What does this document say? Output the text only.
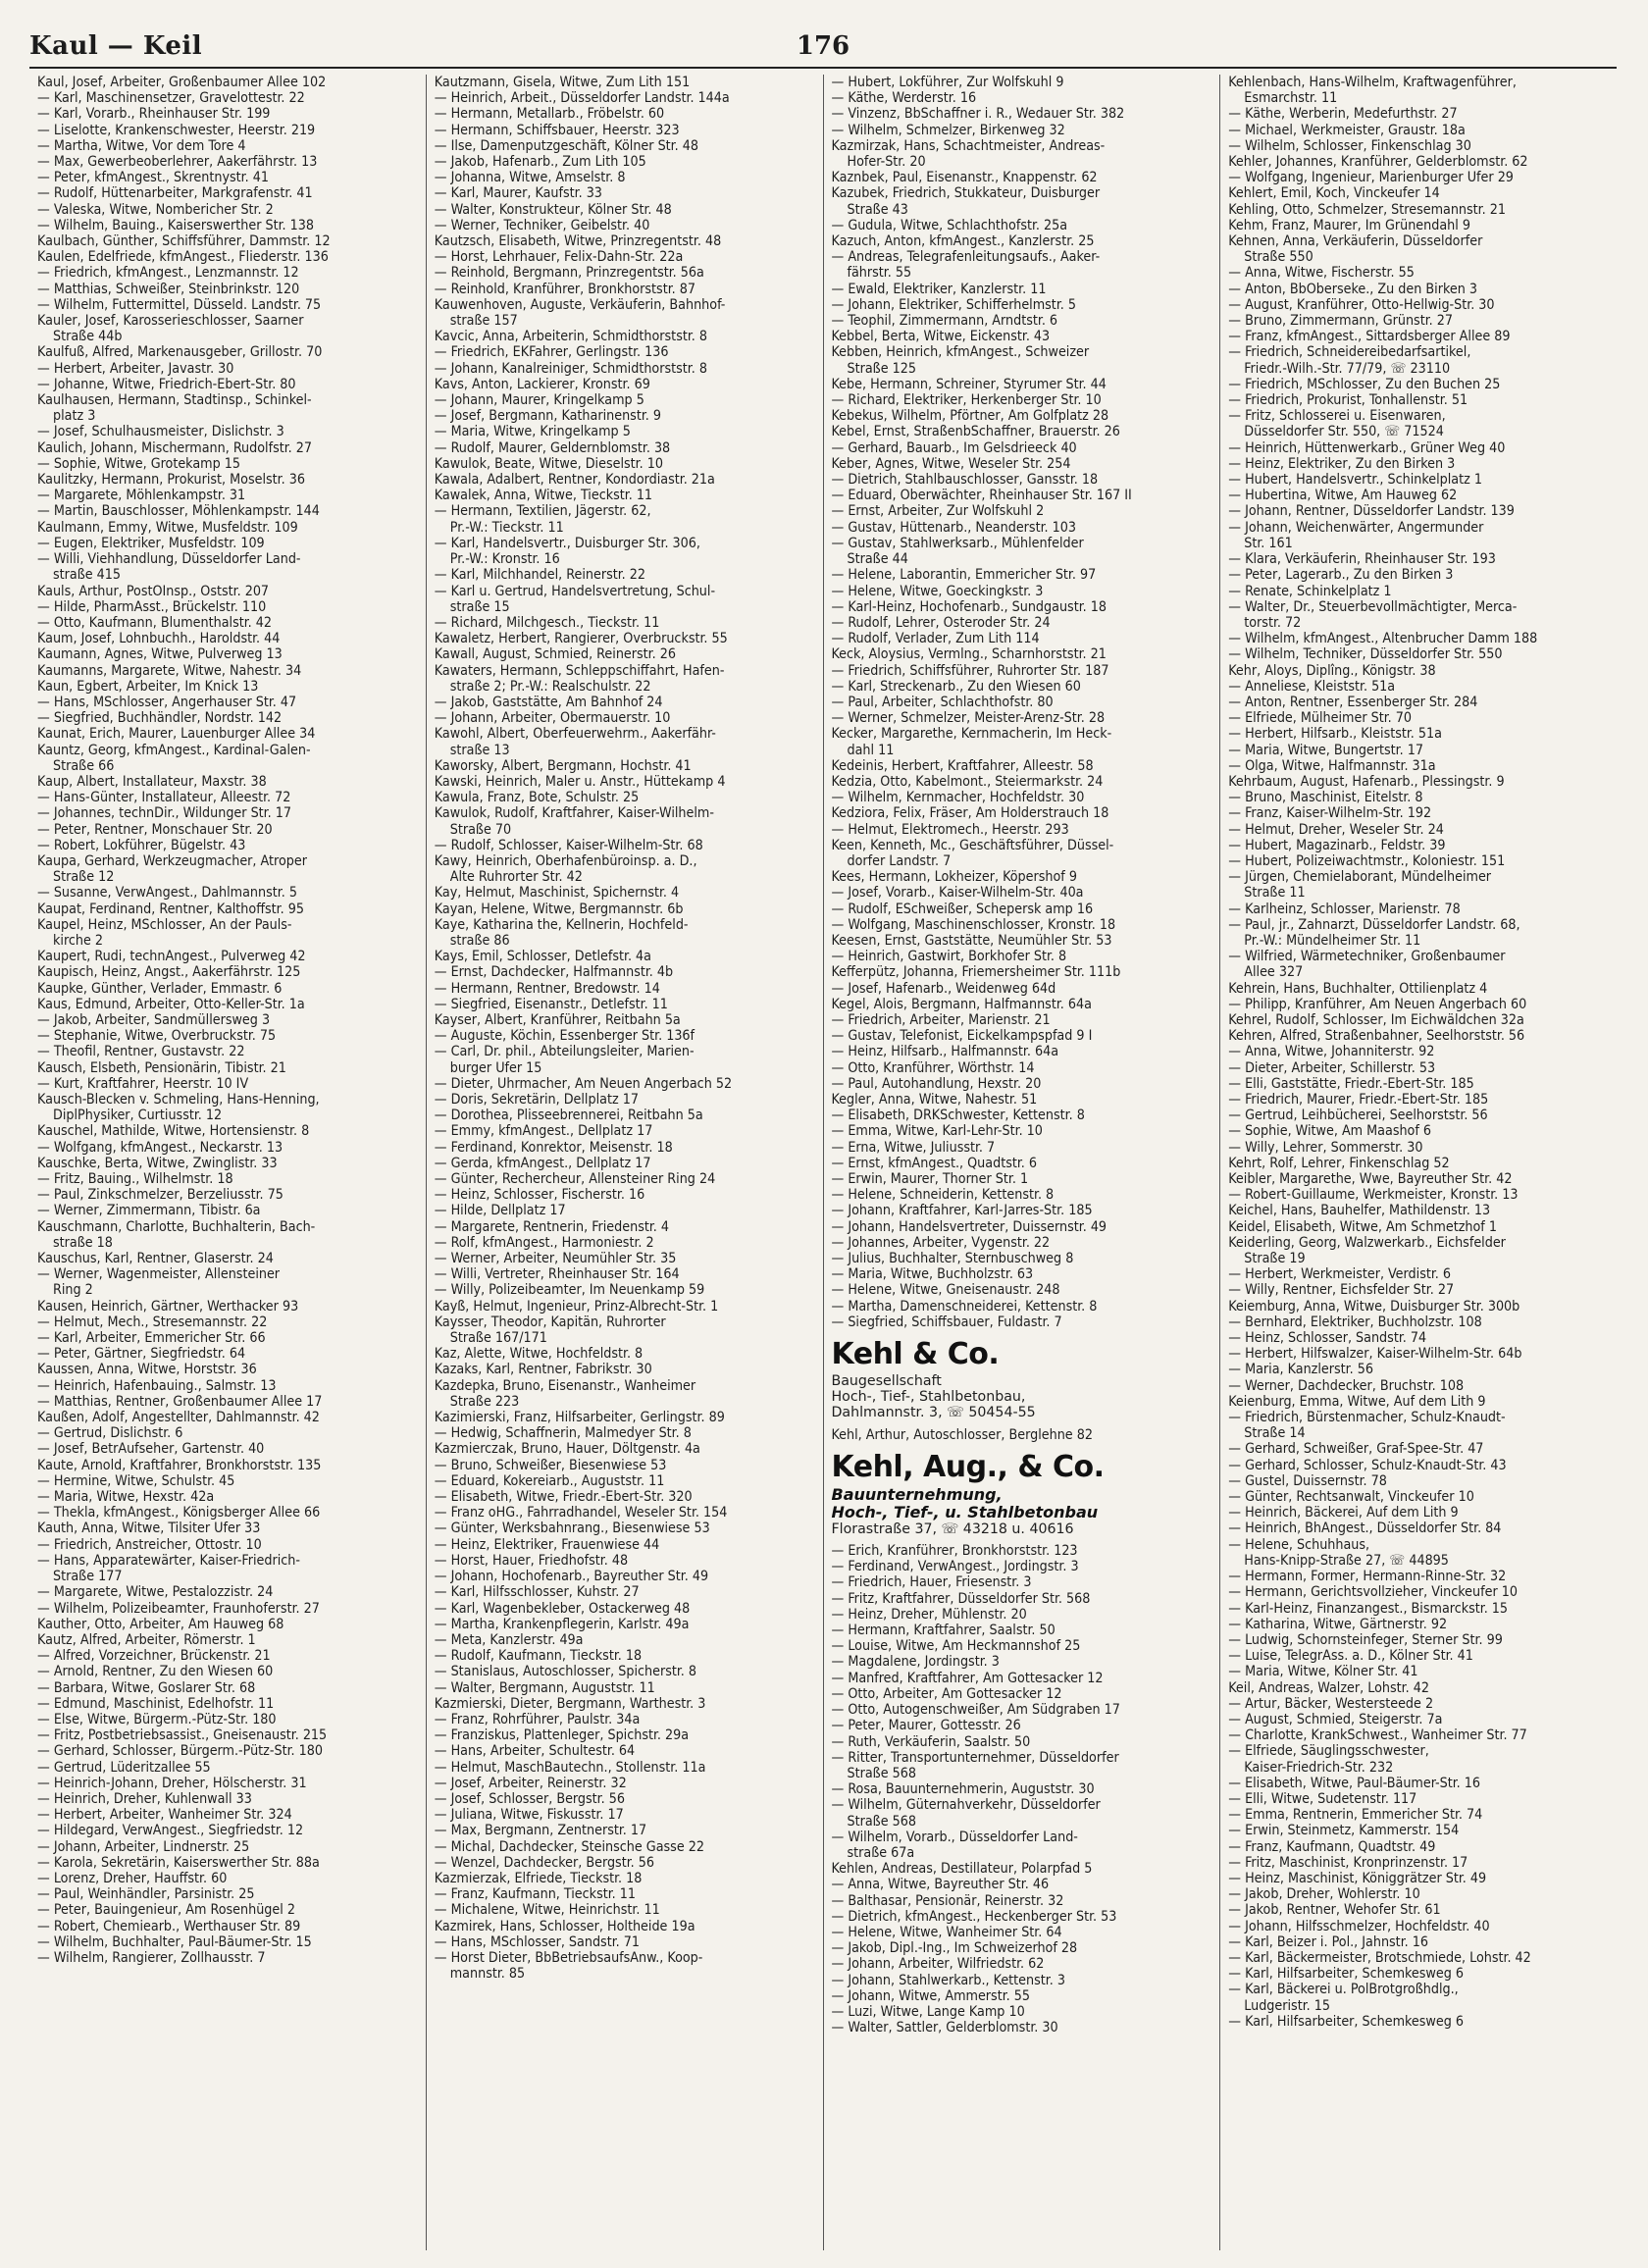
Kaul — Keil	176
Kaul, Josef, Arbeiter, Großenbaumer Allee 102
— Karl, Maschinensetzer, Gravelottestr. 22
— Karl, Vorarb., Rheinhauser Str. 199
— Liselotte, Krankenschwester, Heerstr. 219
— Martha, Witwe, Vor dem Tore 4
— Max, Gewerbeoberlehrer, Aakerfährstr. 13
— Peter, kfmAngest., Skrentnystr. 41
— Rudolf, Hüttenarbeiter, Markgrafenstr. 41
— Valeska, Witwe, Nombericher Str. 2
— Wilhelm, Bauing., Kaiserswerther Str. 138
Kaulbach, Günther, Schiffsführer, Dammstr. 12
Kaulen, Edelfriede, kfmAngest., Fliederstr. 136
— Friedrich, kfmAngest., Lenzmannstr. 12
— Matthias, Schweißer, Steinbrinkstr. 120
— Wilhelm, Futtermittel, Düsseld. Landstr. 75
Kauler, Josef, Karosserieschlosser, Saarner
Straße 44b
Kaulfuß, Alfred, Markenausgeber, Grillostr. 70
— Herbert, Arbeiter, Javastr. 30
— Johanne, Witwe, Friedrich-Ebert-Str. 80
Kaulhausen, Hermann, Stadtinsp., Schinkel-
platz 3
— Josef, Schulhausmeister, Dislichstr. 3
Kaulich, Johann, Mischermann, Rudolfstr. 27
— Sophie, Witwe, Grotekamp 15
Kaulitzky, Hermann, Prokurist, Moselstr. 36
— Margarete, Möhlenkampstr. 31
— Martin, Bauschlosser, Möhlenkampstr. 144
Kaulmann, Emmy, Witwe, Musfeldstr. 109
— Eugen, Elektriker, Musfeldstr. 109
— Willi, Viehhandlung, Düsseldorfer Land-
straße 415
Kauls, Arthur, PostOInsp., Oststr. 207
— Hilde, PharmAsst., Brückelstr. 110
— Otto, Kaufmann, Blumenthalstr. 42
Kaum, Josef, Lohnbuchh., Haroldstr. 44
Kaumann, Agnes, Witwe, Pulverweg 13
Kaumanns, Margarete, Witwe, Nahestr. 34
Kaun, Egbert, Arbeiter, Im Knick 13
— Hans, MSchlosser, Angerhauser Str. 47
— Siegfried, Buchhändler, Nordstr. 142
Kaunat, Erich, Maurer, Lauenburger Allee 34
Kauntz, Georg, kfmAngest., Kardinal-Galen-
Straße 66
Kaup, Albert, Installateur, Maxstr. 38
— Hans-Günter, Installateur, Alleestr. 72
— Johannes, technDir., Wildunger Str. 17
— Peter, Rentner, Monschauer Str. 20
— Robert, Lokführer, Bügelstr. 43
Kaupa, Gerhard, Werkzeugmacher, Atroper
Straße 12
— Susanne, VerwAngest., Dahlmannstr. 5
Kaupat, Ferdinand, Rentner, Kalthoffstr. 95
Kaupel, Heinz, MSchlosser, An der Pauls-
kirche 2
Kaupert, Rudi, technAngest., Pulverweg 42
Kaupisch, Heinz, Angst., Aakerfährstr. 125
Kaupke, Günther, Verlader, Emmastr. 6
Kaus, Edmund, Arbeiter, Otto-Keller-Str. 1a
— Jakob, Arbeiter, Sandmüllersweg 3
— Stephanie, Witwe, Overbruckstr. 75
— Theofil, Rentner, Gustavstr. 22
Kausch, Elsbeth, Pensionärin, Tibistr. 21
— Kurt, Kraftfahrer, Heerstr. 10 IV
Kausch-Blecken v. Schmeling, Hans-Henning,
DiplPhysiker, Curtiusstr. 12
Kauschel, Mathilde, Witwe, Hortensienstr. 8
— Wolfgang, kfmAngest., Neckarstr. 13
Kauschke, Berta, Witwe, Zwinglistr. 33
— Fritz, Bauing., Wilhelmstr. 18
— Paul, Zinkschmelzer, Berzeliusstr. 75
— Werner, Zimmermann, Tibistr. 6a
Kauschmann, Charlotte, Buchhalterin, Bach-
straße 18
Kauschus, Karl, Rentner, Glaserstr. 24
— Werner, Wagenmeister, Allensteiner
Ring 2
Kausen, Heinrich, Gärtner, Werthacker 93
— Helmut, Mech., Stresemannstr. 22
— Karl, Arbeiter, Emmericher Str. 66
— Peter, Gärtner, Siegfriedstr. 64
Kaussen, Anna, Witwe, Horststr. 36
— Heinrich, Hafenbauing., Salmstr. 13
— Matthias, Rentner, Großenbaumer Allee 17
Kaußen, Adolf, Angestellter, Dahlmannstr. 42
— Gertrud, Dislichstr. 6
— Josef, BetrAufseher, Gartenstr. 40
Kaute, Arnold, Kraftfahrer, Bronkhorststr. 135
— Hermine, Witwe, Schulstr. 45
— Maria, Witwe, Hexstr. 42a
— Thekla, kfmAngest., Königsberger Allee 66
Kauth, Anna, Witwe, Tilsiter Ufer 33
— Friedrich, Anstreicher, Ottostr. 10
— Hans, Apparatewärter, Kaiser-Friedrich-
Straße 177
— Margarete, Witwe, Pestalozzistr. 24
— Wilhelm, Polizeibeamter, Fraunhoferstr. 27
Kauther, Otto, Arbeiter, Am Hauweg 68
Kautz, Alfred, Arbeiter, Römerstr. 1
— Alfred, Vorzeichner, Brückenstr. 21
— Arnold, Rentner, Zu den Wiesen 60
— Barbara, Witwe, Goslarer Str. 68
— Edmund, Maschinist, Edelhofstr. 11
— Else, Witwe, Bürgerm.-Pütz-Str. 180
— Fritz, Postbetriebsassist., Gneisenaustr. 215
— Gerhard, Schlosser, Bürgerm.-Pütz-Str. 180
— Gertrud, Lüderitzallee 55
— Heinrich-Johann, Dreher, Hölscherstr. 31
— Heinrich, Dreher, Kuhlenwall 33
— Herbert, Arbeiter, Wanheimer Str. 324
— Hildegard, VerwAngest., Siegfriedstr. 12
— Johann, Arbeiter, Lindnerstr. 25
— Karola, Sekretärin, Kaiserswerther Str. 88a
— Lorenz, Dreher, Hauffstr. 60
— Paul, Weinhändler, Parsinistr. 25
— Peter, Bauingenieur, Am Rosenhügel 2
— Robert, Chemiearb., Werthauser Str. 89
— Wilhelm, Buchhalter, Paul-Bäumer-Str. 15
— Wilhelm, Rangierer, Zollhausstr. 7
Kautzmann, Gisela, Witwe, Zum Lith 151
— Heinrich, Arbeit., Düsseldorfer Landstr. 144a
— Hermann, Metallarb., Fröbelstr. 60
— Hermann, Schiffsbauer, Heerstr. 323
— Ilse, Damenputzgeschäft, Kölner Str. 48
— Jakob, Hafenarb., Zum Lith 105
— Johanna, Witwe, Amselstr. 8
— Karl, Maurer, Kaufstr. 33
— Walter, Konstrukteur, Kölner Str. 48
— Werner, Techniker, Geibelstr. 40
Kautzsch, Elisabeth, Witwe, Prinzregentstr. 48
— Horst, Lehrhauer, Felix-Dahn-Str. 22a
— Reinhold, Bergmann, Prinzregentstr. 56a
— Reinhold, Kranführer, Bronkhorststr. 87
Kauwenhoven, Auguste, Verkäuferin, Bahnhof-
straße 157
Kavcic, Anna, Arbeiterin, Schmidthorststr. 8
— Friedrich, EKFahrer, Gerlingstr. 136
— Johann, Kanalreiniger, Schmidthorststr. 8
Kavs, Anton, Lackierer, Kronstr. 69
— Johann, Maurer, Kringelkamp 5
— Josef, Bergmann, Katharinenstr. 9
— Maria, Witwe, Kringelkamp 5
— Rudolf, Maurer, Geldernblomstr. 38
Kawulok, Beate, Witwe, Dieselstr. 10
Kawala, Adalbert, Rentner, Kondordiastr. 21a
Kawalek, Anna, Witwe, Tieckstr. 11
— Hermann, Textilien, Jägerstr. 62,
Pr.-W.: Tieckstr. 11
— Karl, Handelsvertr., Duisburger Str. 306,
Pr.-W.: Kronstr. 16
— Karl, Milchhandel, Reinerstr. 22
— Karl u. Gertrud, Handelsvertretung, Schul-
straße 15
— Richard, Milchgesch., Tieckstr. 11
Kawaletz, Herbert, Rangierer, Overbruckstr. 55
Kawall, August, Schmied, Reinerstr. 26
Kawaters, Hermann, Schleppschiffahrt, Hafen-
straße 2; Pr.-W.: Realschulstr. 22
— Jakob, Gaststätte, Am Bahnhof 24
— Johann, Arbeiter, Obermauerstr. 10
Kawohl, Albert, Oberfeuerwehrm., Aakerfähr-
straße 13
Kaworsky, Albert, Bergmann, Hochstr. 41
Kawski, Heinrich, Maler u. Anstr., Hüttekamp 4
Kawula, Franz, Bote, Schulstr. 25
Kawulok, Rudolf, Kraftfahrer, Kaiser-Wilhelm-
Straße 70
— Rudolf, Schlosser, Kaiser-Wilhelm-Str. 68
Kawy, Heinrich, Oberhafenbüroinsp. a. D.,
Alte Ruhrorter Str. 42
Kay, Helmut, Maschinist, Spichernstr. 4
Kayan, Helene, Witwe, Bergmannstr. 6b
Kaye, Katharina the, Kellnerin, Hochfeld-
straße 86
Kays, Emil, Schlosser, Detlefstr. 4a
— Ernst, Dachdecker, Halfmannstr. 4b
— Hermann, Rentner, Bredowstr. 14
— Siegfried, Eisenanstr., Detlefstr. 11
Kayser, Albert, Kranführer, Reitbahn 5a
— Auguste, Köchin, Essenberger Str. 136f
— Carl, Dr. phil., Abteilungsleiter, Marien-
burger Ufer 15
— Dieter, Uhrmacher, Am Neuen Angerbach 52
— Doris, Sekretärin, Dellplatz 17
— Dorothea, Plisseebrennerei, Reitbahn 5a
— Emmy, kfmAngest., Dellplatz 17
— Ferdinand, Konrektor, Meisenstr. 18
— Gerda, kfmAngest., Dellplatz 17
— Günter, Rechercheur, Allensteiner Ring 24
— Heinz, Schlosser, Fischerstr. 16
— Hilde, Dellplatz 17
— Margarete, Rentnerin, Friedenstr. 4
— Rolf, kfmAngest., Harmoniestr. 2
— Werner, Arbeiter, Neumühler Str. 35
— Willi, Vertreter, Rheinhauser Str. 164
— Willy, Polizeibeamter, Im Neuenkamp 59
Kayß, Helmut, Ingenieur, Prinz-Albrecht-Str. 1
Kaysser, Theodor, Kapitän, Ruhrorter
Straße 167/171
Kaz, Alette, Witwe, Hochfeldstr. 8
Kazaks, Karl, Rentner, Fabrikstr. 30
Kazdepka, Bruno, Eisenanstr., Wanheimer
Straße 223
Kazimierski, Franz, Hilfsarbeiter, Gerlingstr. 89
— Hedwig, Schaffnerin, Malmedyer Str. 8
Kazmierczak, Bruno, Hauer, Döltgenstr. 4a
— Bruno, Schweißer, Biesenwiese 53
— Eduard, Kokereiarb., Auguststr. 11
— Elisabeth, Witwe, Friedr.-Ebert-Str. 320
— Franz oHG., Fahrradhandel, Weseler Str. 154
— Günter, Werksbahnrang., Biesenwiese 53
— Heinz, Elektriker, Frauenwiese 44
— Horst, Hauer, Friedhofstr. 48
— Johann, Hochofenarb., Bayreuther Str. 49
— Karl, Hilfsschlosser, Kuhstr. 27
— Karl, Wagenbekleber, Ostackerweg 48
— Martha, Krankenpflegerin, Karlstr. 49a
— Meta, Kanzlerstr. 49a
— Rudolf, Kaufmann, Tieckstr. 18
— Stanislaus, Autoschlosser, Spicherstr. 8
— Walter, Bergmann, Auguststr. 11
Kazmierski, Dieter, Bergmann, Warthestr. 3
— Franz, Rohrführer, Paulstr. 34a
— Franziskus, Plattenleger, Spichstr. 29a
— Hans, Arbeiter, Schultestr. 64
— Helmut, MaschBautechn., Stollenstr. 11a
— Josef, Arbeiter, Reinerstr. 32
— Josef, Schlosser, Bergstr. 56
— Juliana, Witwe, Fiskusstr. 17
— Max, Bergmann, Zentnerstr. 17
— Michal, Dachdecker, Steinsche Gasse 22
— Wenzel, Dachdecker, Bergstr. 56
Kazmierzak, Elfriede, Tieckstr. 18
— Franz, Kaufmann, Tieckstr. 11
— Michalene, Witwe, Heinrichstr. 11
Kazmirek, Hans, Schlosser, Holtheide 19a
— Hans, MSchlosser, Sandstr. 71
— Horst Dieter, BbBetriebsaufsAnw., Koop-
mannstr. 85
— Hubert, Lokführer, Zur Wolfskuhl 9
— Käthe, Werderstr. 16
— Vinzenz, BbSchaffner i. R., Wedauer Str. 382
— Wilhelm, Schmelzer, Birkenweg 32
Kazmirzak, Hans, Schachtmeister, Andreas-
Hofer-Str. 20
Kaznbek, Paul, Eisenanstr., Knappenstr. 62
Kazubek, Friedrich, Stukkateur, Duisburger
Straße 43
— Gudula, Witwe, Schlachthofstr. 25a
Kazuch, Anton, kfmAngest., Kanzlerstr. 25
— Andreas, Telegrafenleitungsaufs., Aaker-
fährstr. 55
— Ewald, Elektriker, Kanzlerstr. 11
— Johann, Elektriker, Schifferhelmstr. 5
— Teophil, Zimmermann, Arndtstr. 6
Kebbel, Berta, Witwe, Eickenstr. 43
Kebben, Heinrich, kfmAngest., Schweizer
Straße 125
Kebe, Hermann, Schreiner, Styrumer Str. 44
— Richard, Elektriker, Herkenberger Str. 10
Kebekus, Wilhelm, Pförtner, Am Golfplatz 28
Kebel, Ernst, StraßenbSchaffner, Brauerstr. 26
— Gerhard, Bauarb., Im Gelsdrieeck 40
Keber, Agnes, Witwe, Weseler Str. 254
— Dietrich, Stahlbauschlosser, Gansstr. 18
— Eduard, Oberwächter, Rheinhauser Str. 167 II
— Ernst, Arbeiter, Zur Wolfskuhl 2
— Gustav, Hüttenarb., Neanderstr. 103
— Gustav, Stahlwerksarb., Mühlenfelder
Straße 44
— Helene, Laborantin, Emmericher Str. 97
— Helene, Witwe, Goeckingkstr. 3
— Karl-Heinz, Hochofenarb., Sundgaustr. 18
— Rudolf, Lehrer, Osteroder Str. 24
— Rudolf, Verlader, Zum Lith 114
Keck, Aloysius, Vermlng., Scharnhorststr. 21
— Friedrich, Schiffsführer, Ruhrorter Str. 187
— Karl, Streckenarb., Zu den Wiesen 60
— Paul, Arbeiter, Schlachthofstr. 80
— Werner, Schmelzer, Meister-Arenz-Str. 28
Kecker, Margarethe, Kernmacherin, Im Heck-
dahl 11
Kedeinis, Herbert, Kraftfahrer, Alleestr. 58
Kedzia, Otto, Kabelmont., Steiermarkstr. 24
— Wilhelm, Kernmacher, Hochfeldstr. 30
Kedziora, Felix, Fräser, Am Holderstrauch 18
— Helmut, Elektromech., Heerstr. 293
Keen, Kenneth, Mc., Geschäftsführer, Düssel-
dorfer Landstr. 7
Kees, Hermann, Lokheizer, Köpershof 9
— Josef, Vorarb., Kaiser-Wilhelm-Str. 40a
— Rudolf, ESchweißer, Schepersk amp 16
— Wolfgang, Maschinenschlosser, Kronstr. 18
Keesen, Ernst, Gaststätte, Neumühler Str. 53
— Heinrich, Gastwirt, Borkhofer Str. 8
Kefferpütz, Johanna, Friemersheimer Str. 111b
— Josef, Hafenarb., Weidenweg 64d
Kegel, Alois, Bergmann, Halfmannstr. 64a
— Friedrich, Arbeiter, Marienstr. 21
— Gustav, Telefonist, Eickelkampspfad 9 I
— Heinz, Hilfsarb., Halfmannstr. 64a
— Otto, Kranführer, Wörthstr. 14
— Paul, Autohandlung, Hexstr. 20
Kegler, Anna, Witwe, Nahestr. 51
— Elisabeth, DRKSchwester, Kettenstr. 8
— Emma, Witwe, Karl-Lehr-Str. 10
— Erna, Witwe, Juliusstr. 7
— Ernst, kfmAngest., Quadtstr. 6
— Erwin, Maurer, Thorner Str. 1
— Helene, Schneiderin, Kettenstr. 8
— Johann, Kraftfahrer, Karl-Jarres-Str. 185
— Johann, Handelsvertreter, Duissernstr. 49
— Johannes, Arbeiter, Vygenstr. 22
— Julius, Buchhalter, Sternbuschweg 8
— Maria, Witwe, Buchholzstr. 63
— Helene, Witwe, Gneisenaustr. 248
— Martha, Damenschneiderei, Kettenstr. 8
— Siegfried, Schiffsbauer, Fuldastr. 7
Kehl & Co.
Baugesellschaft
Hoch-, Tief-, Stahlbetonbau,
Dahlmannstr. 3, ☏ 50454-55
Kehl, Arthur, Autoschlosser, Berglehne 82
Kehl, Aug., & Co.
Bauunternehmung,
Hoch-, Tief-, u. Stahlbetonbau
Florastraße 37, ☏ 43218 u. 40616
— Erich, Kranführer, Bronkhorststr. 123
— Ferdinand, VerwAngest., Jordingstr. 3
— Friedrich, Hauer, Friesenstr. 3
— Fritz, Kraftfahrer, Düsseldorfer Str. 568
— Heinz, Dreher, Mühlenstr. 20
— Hermann, Kraftfahrer, Saalstr. 50
— Louise, Witwe, Am Heckmannshof 25
— Magdalene, Jordingstr. 3
— Manfred, Kraftfahrer, Am Gottesacker 12
— Otto, Arbeiter, Am Gottesacker 12
— Otto, Autogenschweißer, Am Südgraben 17
— Peter, Maurer, Gottesstr. 26
— Ruth, Verkäuferin, Saalstr. 50
— Ritter, Transportunternehmer, Düsseldorfer
Straße 568
— Rosa, Bauunternehmerin, Auguststr. 30
— Wilhelm, Güternahverkehr, Düsseldorfer
Straße 568
— Wilhelm, Vorarb., Düsseldorfer Land-
straße 67a
Kehlen, Andreas, Destillateur, Polarpfad 5
— Anna, Witwe, Bayreuther Str. 46
— Balthasar, Pensionär, Reinerstr. 32
— Dietrich, kfmAngest., Heckenberger Str. 53
— Helene, Witwe, Wanheimer Str. 64
— Jakob, Dipl.-Ing., Im Schweizerhof 28
— Johann, Arbeiter, Wilfriedstr. 62
— Johann, Stahlwerkarb., Kettenstr. 3
— Johann, Witwe, Ammerstr. 55
— Luzi, Witwe, Lange Kamp 10
— Walter, Sattler, Gelderblomstr. 30
Kehlenbach, Hans-Wilhelm, Kraftwagenführer,
Esmarchstr. 11
— Käthe, Werberin, Medefurthstr. 27
— Michael, Werkmeister, Graustr. 18a
— Wilhelm, Schlosser, Finkenschlag 30
Kehler, Johannes, Kranführer, Gelderblomstr. 62
— Wolfgang, Ingenieur, Marienburger Ufer 29
Kehlert, Emil, Koch, Vinckeufer 14
Kehling, Otto, Schmelzer, Stresemannstr. 21
Kehm, Franz, Maurer, Im Grünendahl 9
Kehnen, Anna, Verkäuferin, Düsseldorfer
Straße 550
— Anna, Witwe, Fischerstr. 55
— Anton, BbOberseke., Zu den Birken 3
— August, Kranführer, Otto-Hellwig-Str. 30
— Bruno, Zimmermann, Grünstr. 27
— Franz, kfmAngest., Sittardsberger Allee 89
— Friedrich, Schneidereibedarfsartikel,
Friedr.-Wilh.-Str. 77/79, ☏ 23110
— Friedrich, MSchlosser, Zu den Buchen 25
— Friedrich, Prokurist, Tonhallenstr. 51
— Fritz, Schlosserei u. Eisenwaren,
Düsseldorfer Str. 550, ☏ 71524
— Heinrich, Hüttenwerkarb., Grüner Weg 40
— Heinz, Elektriker, Zu den Birken 3
— Hubert, Handelsvertr., Schinkelplatz 1
— Hubertina, Witwe, Am Hauweg 62
— Johann, Rentner, Düsseldorfer Landstr. 139
— Johann, Weichenwärter, Angermunder
Str. 161
— Klara, Verkäuferin, Rheinhauser Str. 193
— Peter, Lagerarb., Zu den Birken 3
— Renate, Schinkelplatz 1
— Walter, Dr., Steuerbevollmächtigter, Merca-
torstr. 72
— Wilhelm, kfmAngest., Altenbrucher Damm 188
— Wilhelm, Techniker, Düsseldorfer Str. 550
Kehr, Aloys, Diplîng., Königstr. 38
— Anneliese, Kleiststr. 51a
— Anton, Rentner, Essenberger Str. 284
— Elfriede, Mülheimer Str. 70
— Herbert, Hilfsarb., Kleiststr. 51a
— Maria, Witwe, Bungertstr. 17
— Olga, Witwe, Halfmannstr. 31a
Kehrbaum, August, Hafenarb., Plessingstr. 9
— Bruno, Maschinist, Eitelstr. 8
— Franz, Kaiser-Wilhelm-Str. 192
— Helmut, Dreher, Weseler Str. 24
— Hubert, Magazinarb., Feldstr. 39
— Hubert, Polizeiwachtmstr., Koloniestr. 151
— Jürgen, Chemielaborant, Mündelheimer
Straße 11
— Karlheinz, Schlosser, Marienstr. 78
— Paul, jr., Zahnarzt, Düsseldorfer Landstr. 68,
Pr.-W.: Mündelheimer Str. 11
— Wilfried, Wärmetechniker, Großenbaumer
Allee 327
Kehrein, Hans, Buchhalter, Ottilienplatz 4
— Philipp, Kranführer, Am Neuen Angerbach 60
Kehrel, Rudolf, Schlosser, Im Eichwäldchen 32a
Kehren, Alfred, Straßenbahner, Seelhorststr. 56
— Anna, Witwe, Johanniterstr. 92
— Dieter, Arbeiter, Schillerstr. 53
— Elli, Gaststätte, Friedr.-Ebert-Str. 185
— Friedrich, Maurer, Friedr.-Ebert-Str. 185
— Gertrud, Leihbücherei, Seelhorststr. 56
— Sophie, Witwe, Am Maashof 6
— Willy, Lehrer, Sommerstr. 30
Kehrt, Rolf, Lehrer, Finkenschlag 52
Keibler, Margarethe, Wwe, Bayreuther Str. 42
— Robert-Guillaume, Werkmeister, Kronstr. 13
Keichel, Hans, Bauhelfer, Mathildenstr. 13
Keidel, Elisabeth, Witwe, Am Schmetzhof 1
Keiderling, Georg, Walzwerkarb., Eichsfelder
Straße 19
— Herbert, Werkmeister, Verdistr. 6
— Willy, Rentner, Eichsfelder Str. 27
Keiemburg, Anna, Witwe, Duisburger Str. 300b
— Bernhard, Elektriker, Buchholzstr. 108
— Heinz, Schlosser, Sandstr. 74
— Herbert, Hilfswalzer, Kaiser-Wilhelm-Str. 64b
— Maria, Kanzlerstr. 56
— Werner, Dachdecker, Bruchstr. 108
Keienburg, Emma, Witwe, Auf dem Lith 9
— Friedrich, Bürstenmacher, Schulz-Knaudt-
Straße 14
— Gerhard, Schweißer, Graf-Spee-Str. 47
— Gerhard, Schlosser, Schulz-Knaudt-Str. 43
— Gustel, Duissernstr. 78
— Günter, Rechtsanwalt, Vinckeufer 10
— Heinrich, Bäckerei, Auf dem Lith 9
— Heinrich, BhAngest., Düsseldorfer Str. 84
— Helene, Schuhhaus,
Hans-Knipp-Straße 27, ☏ 44895
— Hermann, Former, Hermann-Rinne-Str. 32
— Hermann, Gerichtsvollzieher, Vinckeufer 10
— Karl-Heinz, Finanzangest., Bismarckstr. 15
— Katharina, Witwe, Gärtnerstr. 92
— Ludwig, Schornsteinfeger, Sterner Str. 99
— Luise, TelegrAss. a. D., Kölner Str. 41
— Maria, Witwe, Kölner Str. 41
Keil, Andreas, Walzer, Lohstr. 42
— Artur, Bäcker, Westersteede 2
— August, Schmied, Steigerstr. 7a
— Charlotte, KrankSchwest., Wanheimer Str. 77
— Elfriede, Säuglingsschwester,
Kaiser-Friedrich-Str. 232
— Elisabeth, Witwe, Paul-Bäumer-Str. 16
— Elli, Witwe, Sudetenstr. 117
— Emma, Rentnerin, Emmericher Str. 74
— Erwin, Steinmetz, Kammerstr. 154
— Franz, Kaufmann, Quadtstr. 49
— Fritz, Maschinist, Kronprinzenstr. 17
— Heinz, Maschinist, Königgrätzer Str. 49
— Jakob, Dreher, Wohlerstr. 10
— Jakob, Rentner, Wehofer Str. 61
— Johann, Hilfsschmelzer, Hochfeldstr. 40
— Karl, Beizer i. Pol., Jahnstr. 16
— Karl, Bäckermeister, Brotschmiede, Lohstr. 42
— Karl, Hilfsarbeiter, Schemkesweg 6
— Karl, Bäckerei u. PolBrotgroßhdlg.,
Ludgeristr. 15
— Karl, Hilfsarbeiter, Schemkesweg 6
